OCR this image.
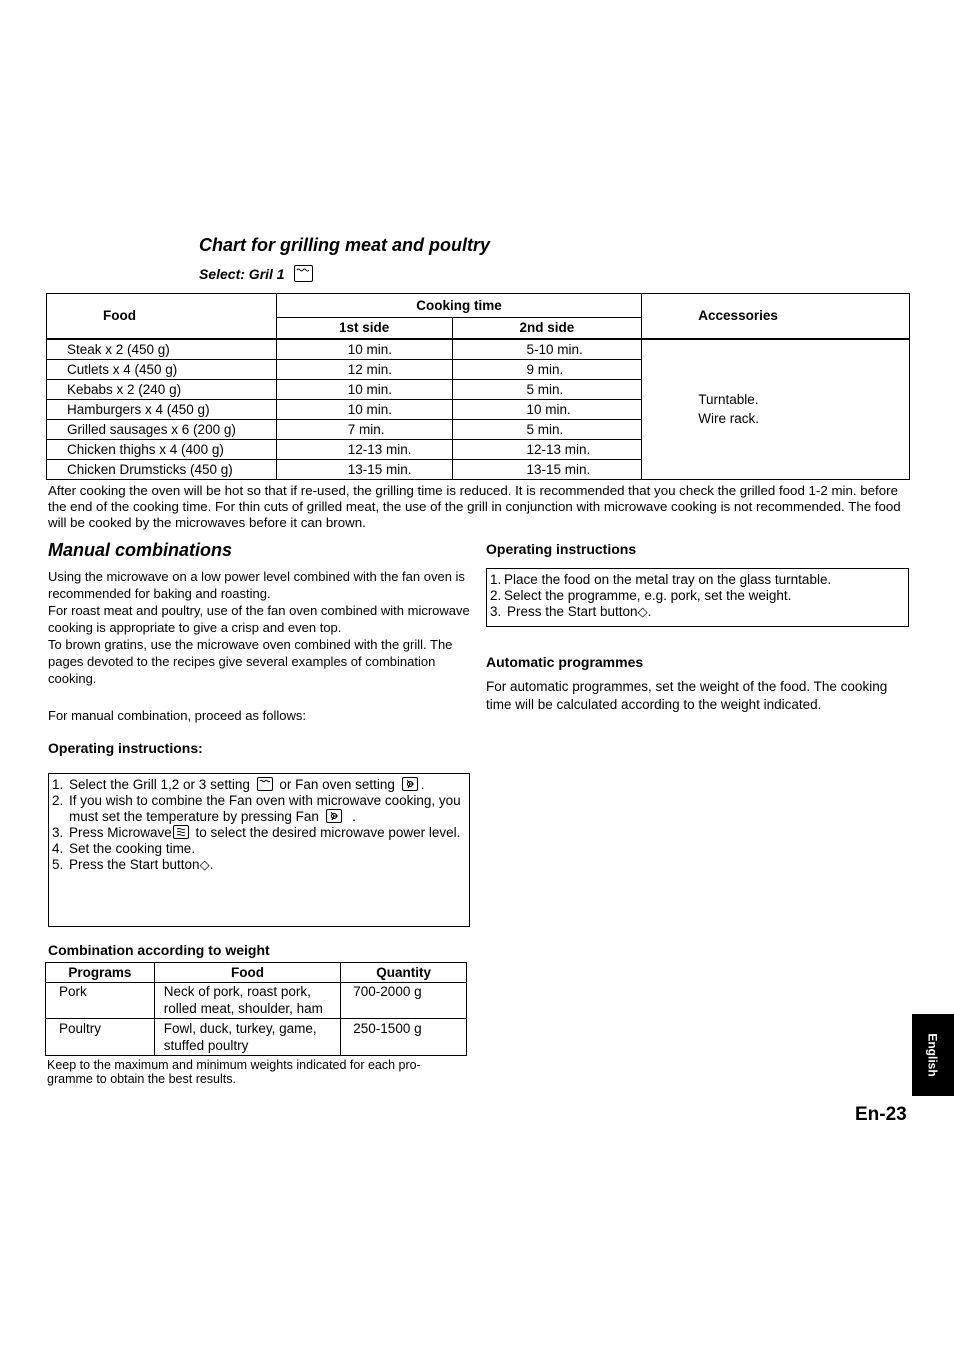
Chart for grilling meat and poultry
Select: Gril 1
Food	Cooking time		Accessories
	1st side	2nd side	
Steak x 2 (450 g)	10 min.	5-10 min.	Turntable.
Wire rack.

Cutlets x 4 (450 g)	12 min.	9 min.	
Kebabs x 2 (240 g)	10 min.	5 min.	
Hamburgers x 4 (450 g)	10 min.	10 min.	
Grilled sausages x 6 (200 g)	7 min.	5 min.	
Chicken thighs x 4 (400 g)	12-13 min.	12-13 min.	
Chicken Drumsticks (450 g)	13-15 min.	13-15 min.	
After cooking the oven will be hot so that if re-used, the grilling time is reduced. It is recommended that you check the grilled food 1-2 min. before the end of the cooking time. For thin cuts of grilled meat, the use of the grill in conjunction with microwave cooking is not recommended. The food will be cooked by the microwaves before it can brown.
Manual combinations

Using the microwave on a low power level combined with the fan oven is recommended for baking and roasting.

For roast meat and poultry, use of the fan oven combined with microwave cooking is appropriate to give a crisp and even top.

To brown gratins, use the microwave oven combined with the grill. The pages devoted to the recipes give several examples of combination cooking.

For manual combination, proceed as follows:
Operating instructions:
1. Select the Grill 1,2 or 3 setting or Fan oven setting .
2. If you wish to combine the Fan oven with microwave cooking, you must set the temperature by pressing Fan .
3. Press Microwave to select the desired microwave power level.
4. Set the cooking time.
5. Press the Start button◇.
Combination according to weight
Programs	Food	Quantity
Pork	Neck of pork, roast pork,
rolled meat, shoulder, ham	700-2000 g
Poultry	Fowl, duck, turkey, game,
stuffed poultry	250-1500 g
Keep to the maximum and minimum weights indicated for each pro-
gramme to obtain the best results.
Operating instructions
1. Place the food on the metal tray on the glass turntable.
2. Select the programme, e.g. pork, set the weight.
3. Press the Start button◇.
Automatic programmes
For automatic programmes, set the weight of the food. The cooking time will be calculated according to the weight indicated.
English
En-23
